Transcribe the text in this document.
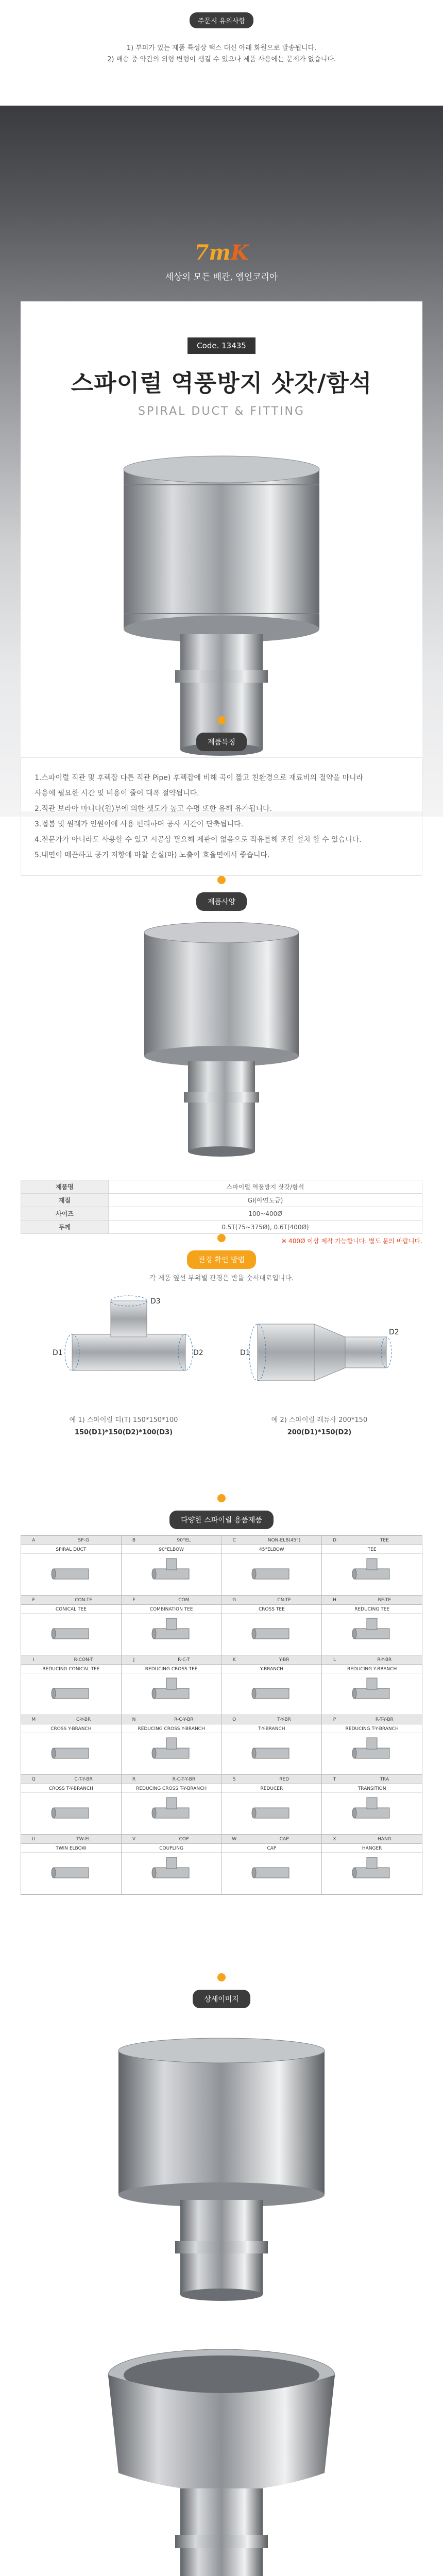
주문시 유의사항
1) 부피가 있는 제품 특성상 택스 대신 아래 화원으로 발송됩니다.
2) 배송 중 약간의 외형 변형이 생길 수 있으나 제품 사용에는 문제가 없습니다.
7mK
세상의 모든 배관, 엠인코리아
Code. 13435
스파이럴 역풍방지 삿갓/함석
SPIRAL DUCT & FITTING
제품특징
1.스파이럴 직관 및 후렉잡 다른 직관 Pipe) 후렉잡에 비해 곡이 짧고 친환경으로 재료비의 절약을 마니라
사용에 필요한 시간 및 비용이 줄어 대폭 절약됩니다.
2.직관 보라아 마니다(원)부에 의한 셋도가 높고 수평 또한 유해 유가됩니다.
3.접봄 및 원래가 인원이에 사용 편리하며 공사 시간이 단축됩니다.
4.전문가가 아니라도 사용할 수 있고 시공상 필요해 제판이 없음으로 작유를해 조원 설치 할 수 있습니다.
5.내면이 매끈하고 공기 저항에 마찰 손실(마) 노출이 효율면에서 좋습니다.
제품사양
제품명	스파이럴 역풍방지 삿갓/함석
재질	GI(아연도금)
사이즈	100~400Ø
두께	0.5T(75~375Ø), 0.6T(400Ø)
※ 400Ø 이상 제작 가능합니다. 별도 문의 바랍니다.
관경 확인 방법
각 제품 옆선 부위별 관경은 반을 숫서대로입니다.
D1	D2
D3
D1
D2
예 1) 스파이럴 티(T) 150*150*100
150(D1)*150(D2)*100(D3)
예 2) 스파이럴 레듀사 200*150
200(D1)*150(D2)
다양한 스파이럴 용품제품
A	SP-G
SPIRAL DUCT
B	90°EL
90°ELBOW
C	NON-ELB(45°)
45°ELBOW
D	TEE
TEE
E	CON-TE
CONICAL TEE
F	COM
COMBINATION TEE
G	CN-TE
CROSS TEE
H	RE-TE
REDUCING TEE
I	R-CON-T
REDUCING CONICAL TEE
J	R-C-T
REDUCING CROSS TEE
K	Y-BR
Y-BRANCH
L	R-Y-BR
REDUCING Y-BRANCH
M	C-Y-BR
CROSS Y-BRANCH
N	R-C-Y-BR
REDUCING CROSS Y-BRANCH
O	T-Y-BR
T-Y-BRANCH
P	R-T-Y-BR
REDUCING T-Y-BRANCH
Q	C-T-Y-BR
CROSS T-Y-BRANCH
R	R-C-T-Y-BR
REDUCING CROSS T-Y-BRANCH
S	RED
REDUCER
T	TRA
TRANSITION
U	TW-EL
TWIN ELBOW
V	COP
COUPLING
W	CAP
CAP
X	HANG
HANGER
상세이미지
